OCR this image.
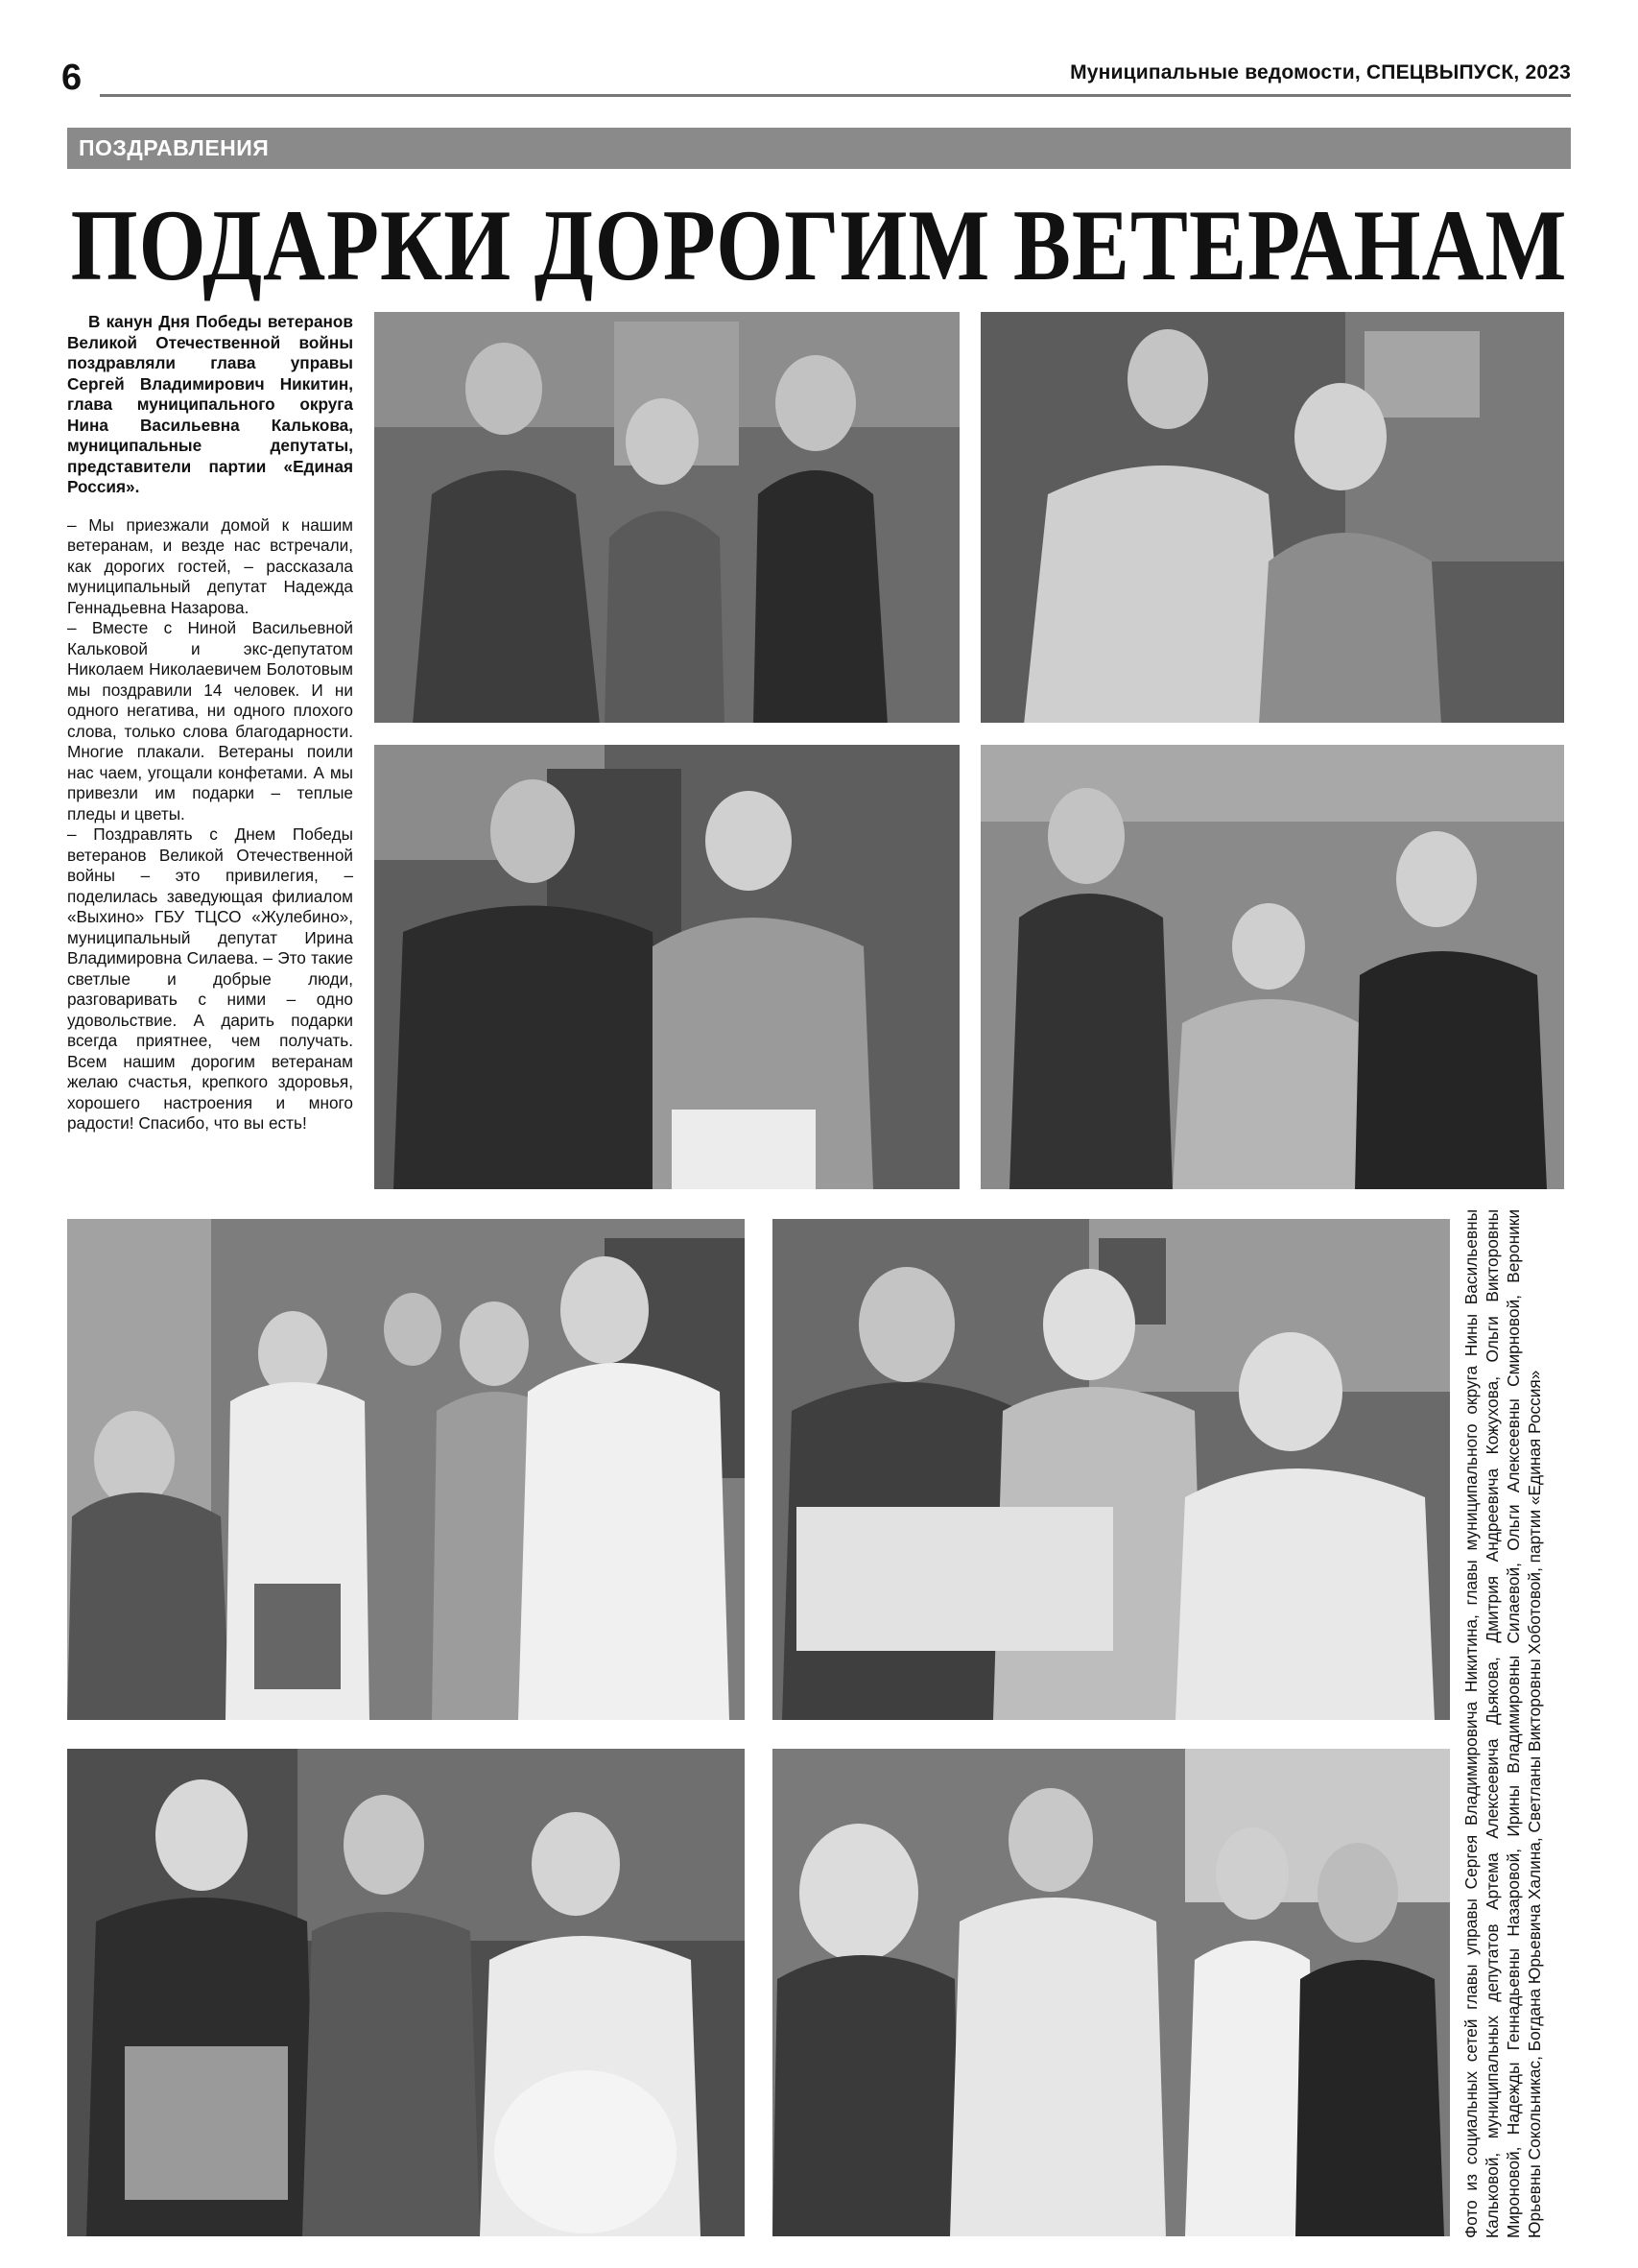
6	Муниципальные ведомости, СПЕЦВЫПУСК, 2023
ПОЗДРАВЛЕНИЯ
ПОДАРКИ ДОРОГИМ ВЕТЕРАНАМ

В канун Дня Победы ветеранов Великой Отечественной войны поздравляли глава управы Сергей Владимирович Никитин, глава муниципального округа Нина Васильевна Калькова, муниципальные депутаты, представители партии «Единая Россия».

– Мы приезжали домой к нашим ветеранам, и везде нас встречали, как дорогих гостей, – рассказала муниципальный депутат Надежда Геннадьевна Назарова.

– Вместе с Ниной Васильевной Кальковой и экс-депутатом Николаем Николаевичем Болотовым мы поздравили 14 человек. И ни одного негатива, ни одного плохого слова, только слова благодарности. Многие плакали. Ветераны поили нас чаем, угощали конфетами. А мы привезли им подарки – теплые пледы и цветы.

– Поздравлять с Днем Победы ветеранов Великой Отечественной войны – это привилегия, – поделилась заведующая филиалом «Выхино» ГБУ ТЦСО «Жулебино», муниципальный депутат Ирина Владимировна Силаева. – Это такие светлые и добрые люди, разговаривать с ними – одно удовольствие. А дарить подарки всегда приятнее, чем получать. Всем нашим дорогим ветеранам желаю счастья, крепкого здоровья, хорошего настроения и много радости! Спасибо, что вы есть!

Фото из социальных сетей главы управы Сергея Владимировича Никитина, главы муниципального округа Нины Васильевны Кальковой, муниципальных депутатов Артема Алексеевича Дьякова, Дмитрия Андреевича Кожухова, Ольги Викторовны Мироновой, Надежды Геннадьевны Назаровой, Ирины Владимировны Силаевой, Ольги Алексеевны Смирновой, Вероники Юрьевны Сокольникас, Богдана Юрьевича Халина, Светланы Викторовны Хоботовой, партии «Единая Россия»
